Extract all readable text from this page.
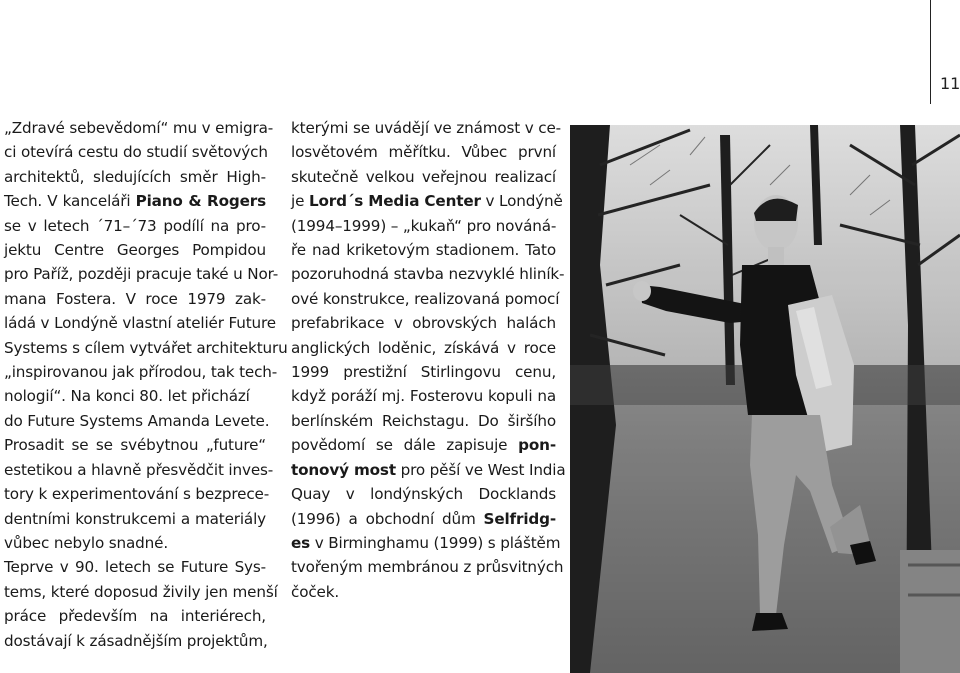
11
„Zdravé sebevědomí“ mu v emigra-
ci otevírá cestu do studií světových
architektů, sledujících směr High-
Tech. V kanceláři Piano & Rogers
se v letech ´71–´73 podílí na pro-
jektu Centre Georges Pompidou
pro Paříž, později pracuje také u Nor-
mana Fostera. V roce 1979 zak-
ládá v Londýně vlastní ateliér Future
Systems s cílem vytvářet architekturu
„inspirovanou jak přírodou, tak tech-
nologií“. Na konci 80. let přichází
do Future Systems Amanda Levete.
Prosadit se se svébytnou „future“
estetikou a hlavně přesvědčit inves-
tory k experimentování s bezprece-
dentními konstrukcemi a materiály
vůbec nebylo snadné.
Teprve v 90. letech se Future Sys-
tems, které doposud živily jen menší
práce především na interiérech,
dostávají k zásadnějším projektům,
kterými se uvádějí ve známost v ce-
losvětovém měřítku. Vůbec první
skutečně velkou veřejnou realizací
je Lord´s Media Center v Londýně
(1994–1999) – „kukaň“ pro nováná-
ře nad kriketovým stadionem. Tato
pozoruhodná stavba nezvyklé hliník-
ové konstrukce, realizovaná pomocí
prefabrikace v obrovských halách
anglických loděnic, získává v roce
1999 prestižní Stirlingovu cenu,
když poráží mj. Fosterovu kopuli na
berlínském Reichstagu. Do širšího
povědomí se dále zapisuje pon-
tonový most pro pěší ve West India
Quay v londýnských Docklands
(1996) a obchodní dům Selfridg-
es v Birminghamu (1999) s pláštěm
tvořeným membránou z průsvitných
čoček.
